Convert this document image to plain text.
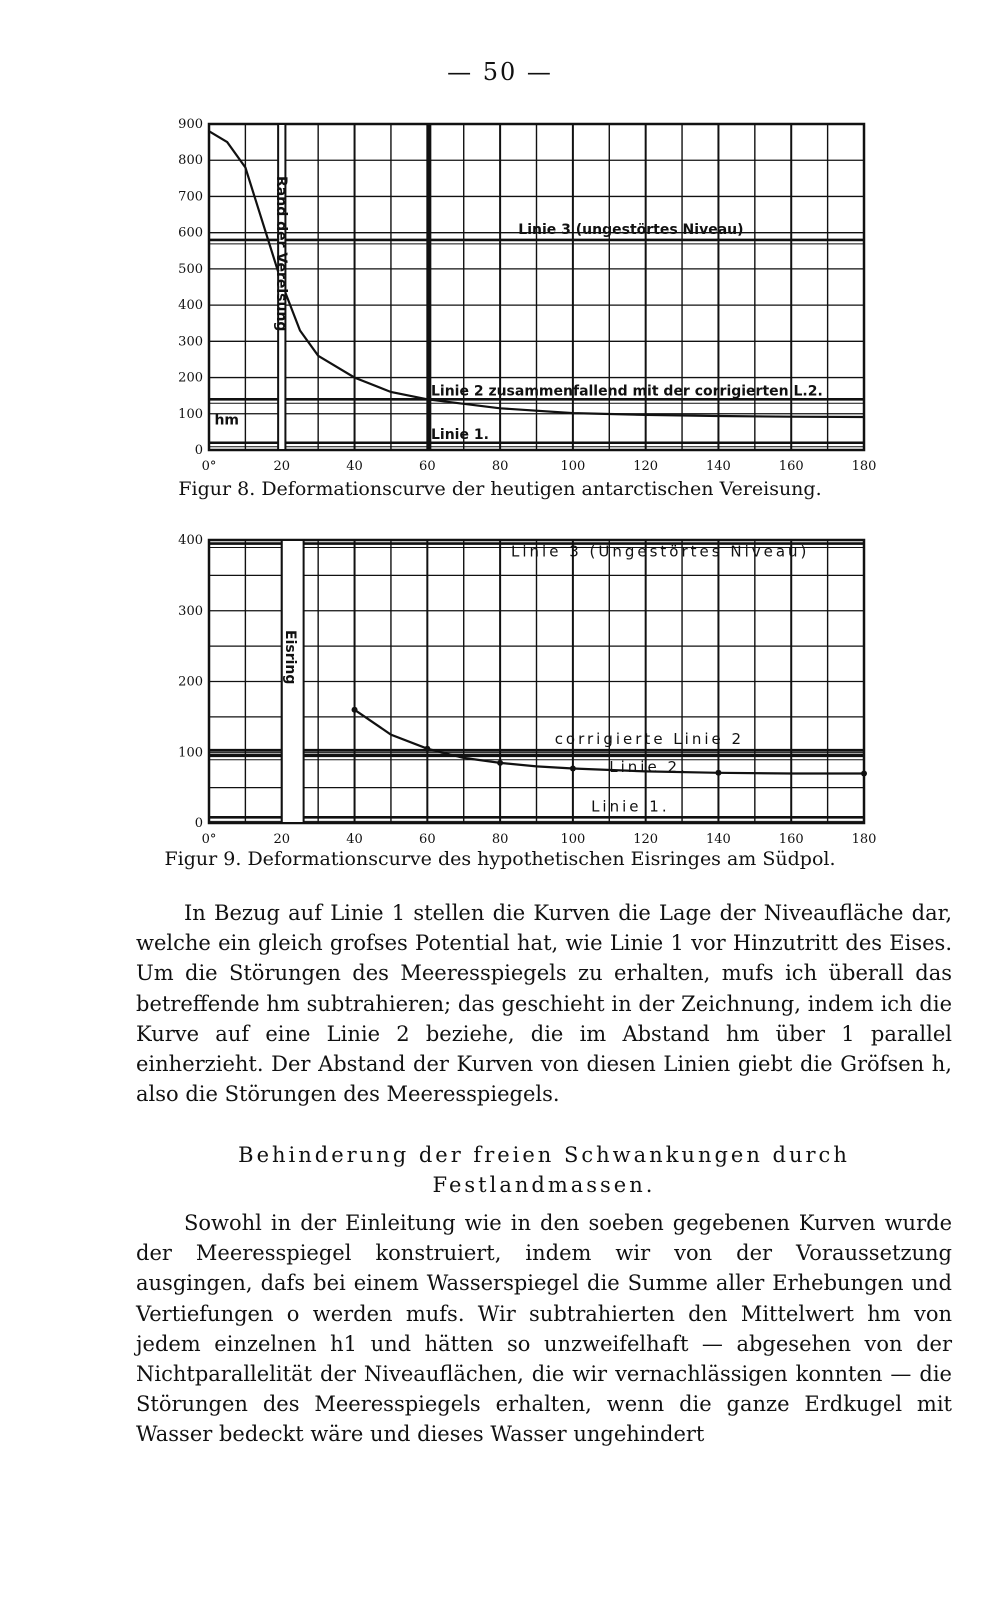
— 50 —
0°	20	40	60	80	100	120	140	160	180
900
800
700
600
500
400
300
200
100
0
Rand der Vereisung	Linie 3 (ungestörtes Niveau)
Linie 2 zusammenfallend mit der corrigierten L.2.
Linie 1.
hm
Figur 8. Deformationscurve der heutigen antarctischen Vereisung.
0°	20	40	60	80	100	120	140	160	180
400
300
200
100
0
Eisring
Linie 3 (Ungestörtes Niveau)
corrigierte Linie 2
Linie 2.
Linie 1.
Figur 9. Deformationscurve des hypothetischen Eisringes am Südpol.

In Bezug auf Linie 1 stellen die Kurven die Lage der Niveaufläche dar, welche ein gleich grofses Potential hat, wie Linie 1 vor Hinzutritt des Eises. Um die Störungen des Meeresspiegels zu erhalten, mufs ich überall das betreffende hm subtrahieren; das geschieht in der Zeichnung, indem ich die Kurve auf eine Linie 2 beziehe, die im Abstand hm über 1 parallel einherzieht. Der Abstand der Kurven von diesen Linien giebt die Gröfsen h, also die Störungen des Meeresspiegels.

Behinderung der freien Schwankungen durch Festlandmassen.

Sowohl in der Einleitung wie in den soeben gegebenen Kurven wurde der Meeresspiegel konstruiert, indem wir von der Voraussetzung ausgingen, dafs bei einem Wasserspiegel die Summe aller Erhebungen und Vertiefungen o werden mufs. Wir subtrahierten den Mittelwert hm von jedem einzelnen h1 und hätten so unzweifelhaft — abgesehen von der Nichtparallelität der Niveauflächen, die wir vernachlässigen konnten — die Störungen des Meeresspiegels erhalten, wenn die ganze Erdkugel mit Wasser bedeckt wäre und dieses Wasser ungehindert
